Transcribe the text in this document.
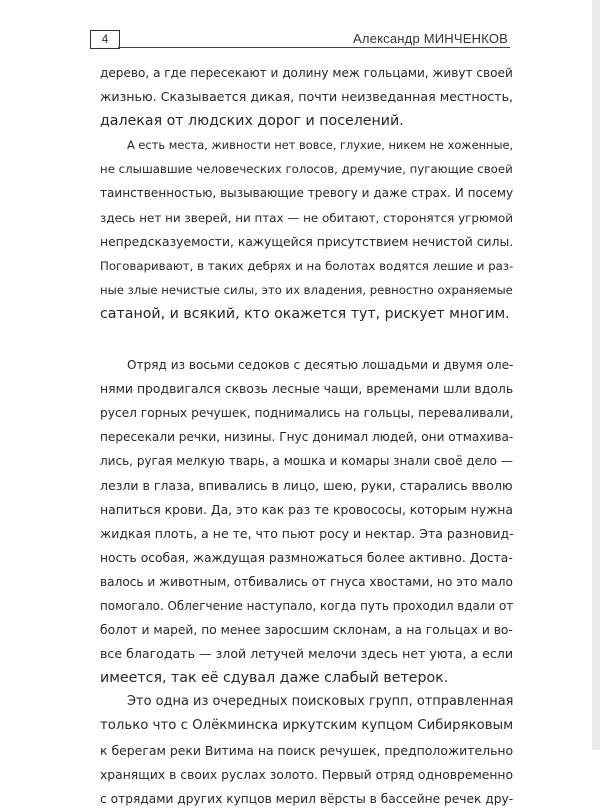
4	Александр МИНЧЕНКОВ
дерево, а где пересекают и долину меж гольцами, живут своей
жизнью. Сказывается дикая, почти неизведанная местность,
далекая от людских дорог и поселений.
А есть места, живности нет вовсе, глухие, никем не хоженные,
не слышавшие человеческих голосов, дремучие, пугающие своей
таинственностью, вызывающие тревогу и даже страх. И посему
здесь нет ни зверей, ни птах — не обитают, сторонятся угрюмой
непредсказуемости, кажущейся присутствием нечистой силы.
Поговаривают, в таких дебрях и на болотах водятся лешие и раз-
ные злые нечистые силы, это их владения, ревностно охраняемые
сатаной, и всякий, кто окажется тут, рискует многим.
Отряд из восьми седоков с десятью лошадьми и двумя оле-
нями продвигался сквозь лесные чащи, временами шли вдоль
русел горных речушек, поднимались на гольцы, переваливали,
пересекали речки, низины. Гнус донимал людей, они отмахива-
лись, ругая мелкую тварь, а мошка и комары знали своё дело —
лезли в глаза, впивались в лицо, шею, руки, старались вволю
напиться крови. Да, это как раз те кровососы, которым нужна
жидкая плоть, а не те, что пьют росу и нектар. Эта разновид-
ность особая, жаждущая размножаться более активно. Доста-
валось и животным, отбивались от гнуса хвостами, но это мало
помогало. Облегчение наступало, когда путь проходил вдали от
болот и марей, по менее заросшим склонам, а на гольцах и во-
все благодать — злой летучей мелочи здесь нет уюта, а если
имеется, так её сдувал даже слабый ветерок.
Это одна из очередных поисковых групп, отправленная
только что с Олёкминска иркутским купцом Сибиряковым
к берегам реки Витима на поиск речушек, предположительно
хранящих в своих руслах золото. Первый отряд одновременно
с отрядами других купцов мерил вёрсты в бассейне речек дру-
